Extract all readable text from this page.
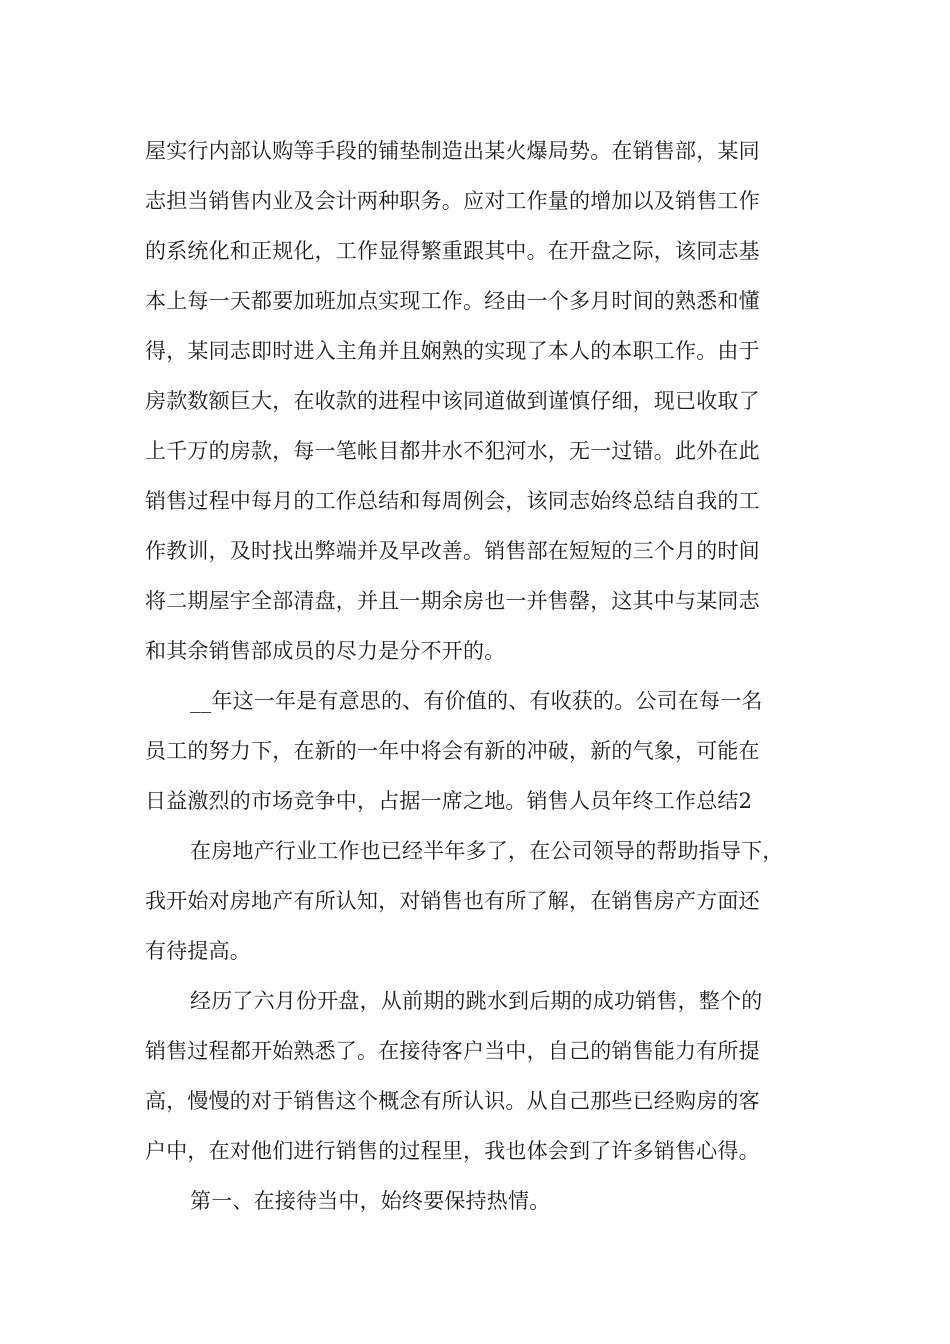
屋实行内部认购等手段的铺垫制造出某火爆局势。在销售部，某同
志担当销售内业及会计两种职务。应对工作量的增加以及销售工作
的系统化和正规化，工作显得繁重跟其中。在开盘之际，该同志基
本上每一天都要加班加点实现工作。经由一个多月时间的熟悉和懂
得，某同志即时进入主角并且娴熟的实现了本人的本职工作。由于
房款数额巨大，在收款的进程中该同道做到谨慎仔细，现已收取了
上千万的房款，每一笔帐目都井水不犯河水，无一过错。此外在此
销售过程中每月的工作总结和每周例会，该同志始终总结自我的工
作教训，及时找出弊端并及早改善。销售部在短短的三个月的时间
将二期屋宇全部清盘，并且一期余房也一并售罄，这其中与某同志
和其余销售部成员的尽力是分不开的。
__年这一年是有意思的、有价值的、有收获的。公司在每一名
员工的努力下，在新的一年中将会有新的冲破，新的气象，可能在
日益激烈的市场竞争中，占据一席之地。销售人员年终工作总结2
在房地产行业工作也已经半年多了，在公司领导的帮助指导下，
我开始对房地产有所认知，对销售也有所了解，在销售房产方面还
有待提高。
经历了六月份开盘，从前期的跳水到后期的成功销售，整个的
销售过程都开始熟悉了。在接待客户当中，自己的销售能力有所提
高，慢慢的对于销售这个概念有所认识。从自己那些已经购房的客
户中，在对他们进行销售的过程里，我也体会到了许多销售心得。
第一、在接待当中，始终要保持热情。
